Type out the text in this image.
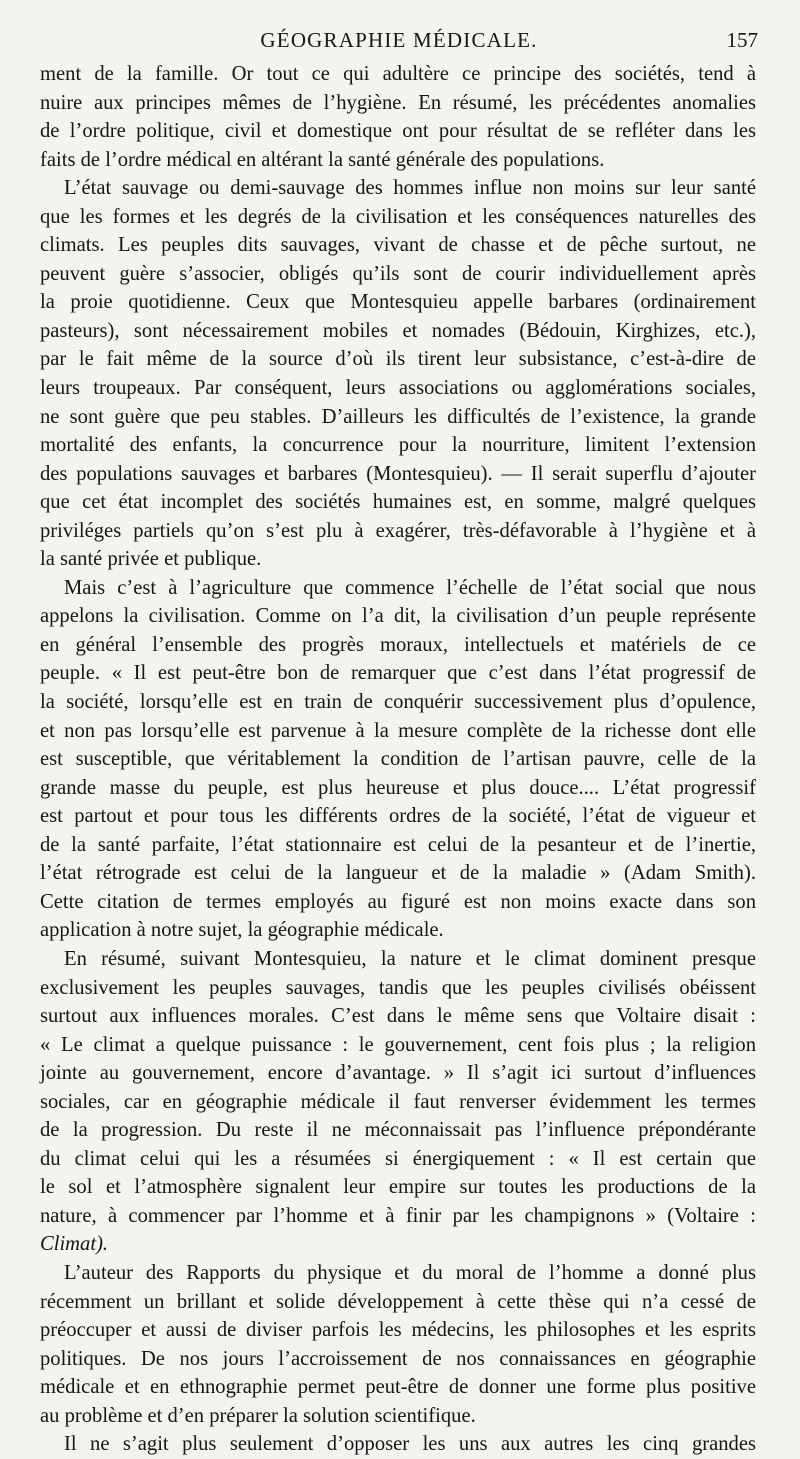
GÉOGRAPHIE MÉDICALE.	157
ment de la famille. Or tout ce qui adultère ce principe des sociétés, tend à
nuire aux principes mêmes de l’hygiène. En résumé, les précédentes anomalies
de l’ordre politique, civil et domestique ont pour résultat de se refléter dans les
faits de l’ordre médical en altérant la santé générale des populations.
L’état sauvage ou demi-sauvage des hommes influe non moins sur leur santé
que les formes et les degrés de la civilisation et les conséquences naturelles des
climats. Les peuples dits sauvages, vivant de chasse et de pêche surtout, ne
peuvent guère s’associer, obligés qu’ils sont de courir individuellement après
la proie quotidienne. Ceux que Montesquieu appelle barbares (ordinairement
pasteurs), sont nécessairement mobiles et nomades (Bédouin, Kirghizes, etc.),
par le fait même de la source d’où ils tirent leur subsistance, c’est-à-dire de
leurs troupeaux. Par conséquent, leurs associations ou agglomérations sociales,
ne sont guère que peu stables. D’ailleurs les difficultés de l’existence, la grande
mortalité des enfants, la concurrence pour la nourriture, limitent l’extension
des populations sauvages et barbares (Montesquieu). — Il serait superflu d’ajouter
que cet état incomplet des sociétés humaines est, en somme, malgré quelques
priviléges partiels qu’on s’est plu à exagérer, très-défavorable à l’hygiène et à
la santé privée et publique.
Mais c’est à l’agriculture que commence l’échelle de l’état social que nous
appelons la civilisation. Comme on l’a dit, la civilisation d’un peuple représente
en général l’ensemble des progrès moraux, intellectuels et matériels de ce
peuple. « Il est peut-être bon de remarquer que c’est dans l’état progressif de
la société, lorsqu’elle est en train de conquérir successivement plus d’opulence,
et non pas lorsqu’elle est parvenue à la mesure complète de la richesse dont elle
est susceptible, que véritablement la condition de l’artisan pauvre, celle de la
grande masse du peuple, est plus heureuse et plus douce.... L’état progressif
est partout et pour tous les différents ordres de la société, l’état de vigueur et
de la santé parfaite, l’état stationnaire est celui de la pesanteur et de l’inertie,
l’état rétrograde est celui de la langueur et de la maladie » (Adam Smith).
Cette citation de termes employés au figuré est non moins exacte dans son
application à notre sujet, la géographie médicale.
En résumé, suivant Montesquieu, la nature et le climat dominent presque
exclusivement les peuples sauvages, tandis que les peuples civilisés obéissent
surtout aux influences morales. C’est dans le même sens que Voltaire disait :
« Le climat a quelque puissance : le gouvernement, cent fois plus ; la religion
jointe au gouvernement, encore d’avantage. » Il s’agit ici surtout d’influences
sociales, car en géographie médicale il faut renverser évidemment les termes
de la progression. Du reste il ne méconnaissait pas l’influence prépondérante
du climat celui qui les a résumées si énergiquement : « Il est certain que
le sol et l’atmosphère signalent leur empire sur toutes les productions de la
nature, à commencer par l’homme et à finir par les champignons » (Voltaire :
Climat).
L’auteur des Rapports du physique et du moral de l’homme a donné plus
récemment un brillant et solide développement à cette thèse qui n’a cessé de
préoccuper et aussi de diviser parfois les médecins, les philosophes et les esprits
politiques. De nos jours l’accroissement de nos connaissances en géographie
médicale et en ethnographie permet peut-être de donner une forme plus positive
au problème et d’en préparer la solution scientifique.
Il ne s’agit plus seulement d’opposer les uns aux autres les cinq grandes
